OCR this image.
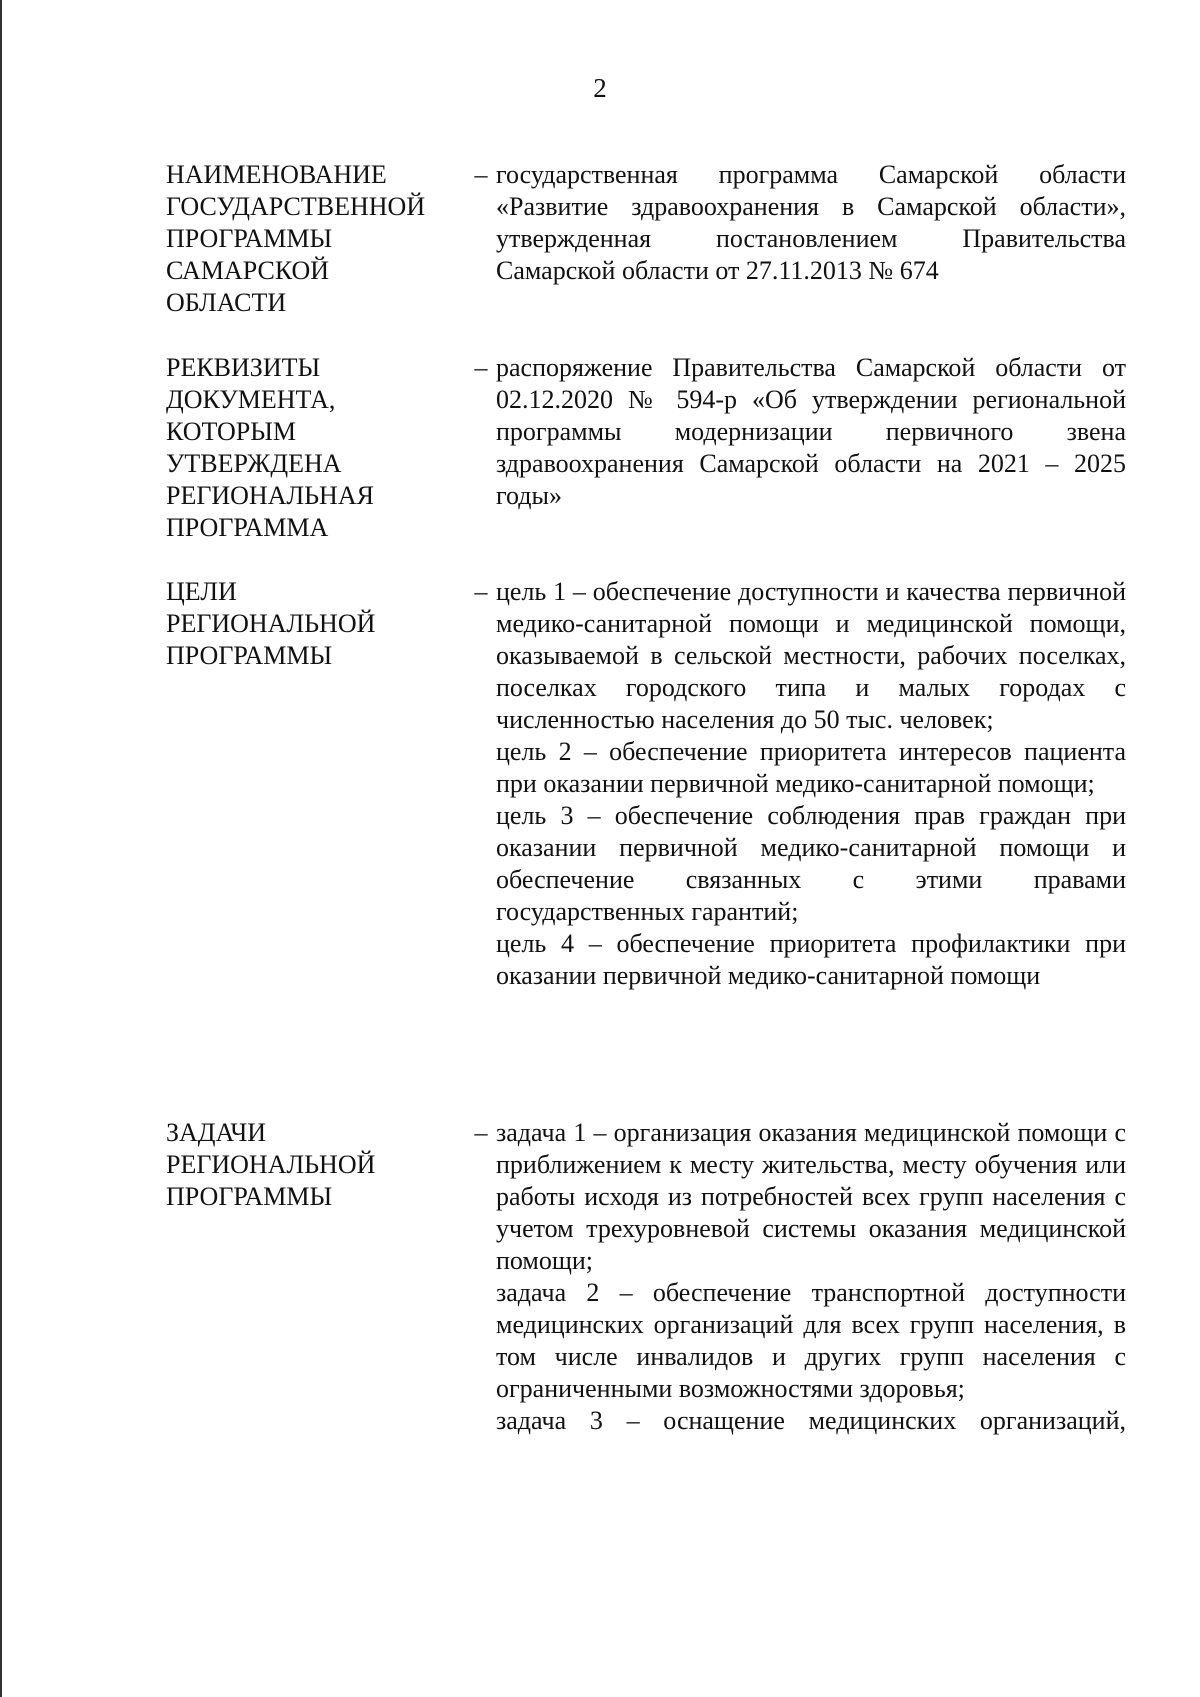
2
НАИМЕНОВАНИЕ
ГОСУДАРСТВЕННОЙ
ПРОГРАММЫ
САМАРСКОЙ
ОБЛАСТИ
– государственная программа Самарской области «Развитие здравоохранения в Самарской области», утвержденная постановлением Правительства Самарской области от 27.11.2013 № 674

РЕКВИЗИТЫ
ДОКУМЕНТА,
КОТОРЫМ
УТВЕРЖДЕНА
РЕГИОНАЛЬНАЯ
ПРОГРАММА
– распоряжение Правительства Самарской области от 02.12.2020 № 594-р «Об утверждении региональной программы модернизации первичного звена здравоохранения Самарской области на 2021 – 2025 годы»

ЦЕЛИ
РЕГИОНАЛЬНОЙ
ПРОГРАММЫ
– цель 1 – обеспечение доступности и качества первичной медико-санитарной помощи и медицинской помощи, оказываемой в сельской местности, рабочих поселках, поселках городского типа и малых городах с численностью населения до 50 тыс. человек;

цель 2 – обеспечение приоритета интересов пациента при оказании первичной медико-санитарной помощи;

цель 3 – обеспечение соблюдения прав граждан при оказании первичной медико-санитарной помощи и обеспечение связанных с этими правами государственных гарантий;

цель 4 – обеспечение приоритета профилактики при оказании первичной медико-санитарной помощи

ЗАДАЧИ
РЕГИОНАЛЬНОЙ
ПРОГРАММЫ
– задача 1 – организация оказания медицинской помощи с приближением к месту жительства, месту обучения или работы исходя из потребностей всех групп населения с учетом трехуровневой системы оказания медицинской помощи;

задача 2 – обеспечение транспортной доступности медицинских организаций для всех групп населения, в том числе инвалидов и других групп населения с ограниченными возможностями здоровья;

задача 3 – оснащение медицинских организаций,
